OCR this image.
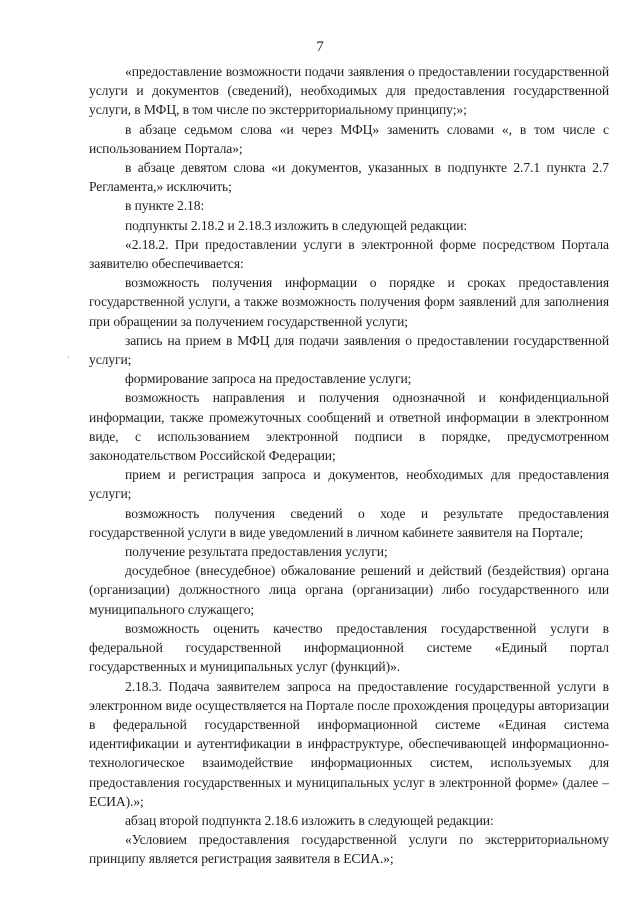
7
·

«предоставление возможности подачи заявления о предоставлении государственной услуги и документов (сведений), необходимых для предоставления государственной услуги, в МФЦ, в том числе по экстерриториальному принципу;»;

в абзаце седьмом слова «и через МФЦ» заменить словами «, в том числе с использованием Портала»;

в абзаце девятом слова «и документов, указанных в подпункте 2.7.1 пункта 2.7 Регламента,» исключить;

в пункте 2.18:

подпункты 2.18.2 и 2.18.3 изложить в следующей редакции:

«2.18.2. При предоставлении услуги в электронной форме посредством Портала заявителю обеспечивается:

возможность получения информации о порядке и сроках предоставления государственной услуги, а также возможность получения форм заявлений для заполнения при обращении за получением государственной услуги;

запись на прием в МФЦ для подачи заявления о предоставлении государственной услуги;

формирование запроса на предоставление услуги;

возможность направления и получения однозначной и конфиденциальной информации, также промежуточных сообщений и ответной информации в электронном виде, с использованием электронной подписи в порядке, предусмотренном законодательством Российской Федерации;

прием и регистрация запроса и документов, необходимых для предоставления услуги;

возможность получения сведений о ходе и результате предоставления государственной услуги в виде уведомлений в личном кабинете заявителя на Портале;

получение результата предоставления услуги;

досудебное (внесудебное) обжалование решений и действий (бездействия) органа (организации) должностного лица органа (организации) либо государственного или муниципального служащего;

возможность оценить качество предоставления государственной услуги в федеральной государственной информационной системе «Единый портал государственных и муниципальных услуг (функций)».

2.18.3. Подача заявителем запроса на предоставление государственной услуги в электронном виде осуществляется на Портале после прохождения процедуры авторизации в федеральной государственной информационной системе «Единая система идентификации и аутентификации в инфраструктуре, обеспечивающей информационно-технологическое взаимодействие информационных систем, используемых для предоставления государственных и муниципальных услуг в электронной форме» (далее – ЕСИА).»;

абзац второй подпункта 2.18.6 изложить в следующей редакции:

«Условием предоставления государственной услуги по экстерриториальному принципу является регистрация заявителя в ЕСИА.»;
